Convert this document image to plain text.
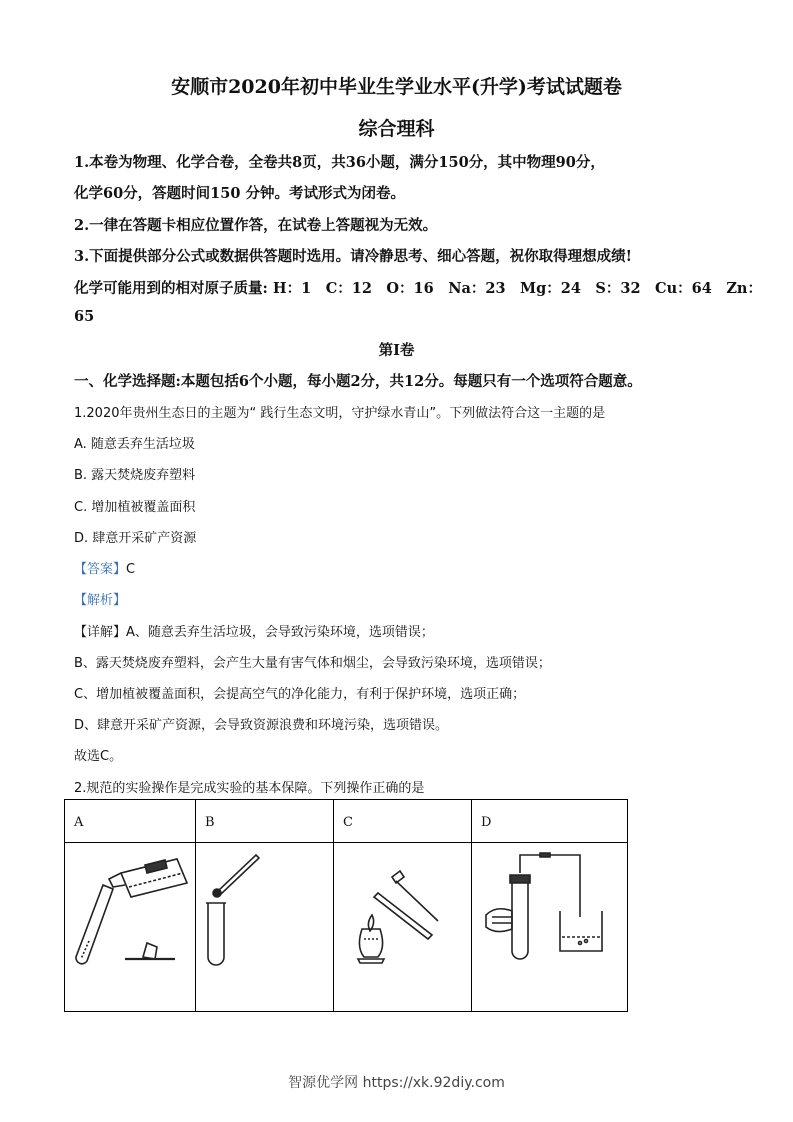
安顺市2020年初中毕业生学业水平(升学)考试试题卷
综合理科
1.本卷为物理、化学合卷，全卷共8页，共36小题，满分150分，其中物理90分，
化学60分，答题时间150 分钟。考试形式为闭卷。
2.一律在答题卡相应位置作答，在试卷上答题视为无效。
3.下面提供部分公式或数据供答题时选用。请冷静思考、细心答题，祝你取得理想成绩!
化学可能用到的相对原子质量: H：1　C：12　O：16　Na：23　Mg：24　S：32　Cu：64　Zn：
65
第I卷
一、化学选择题:本题包括6个小题，每小题2分，共12分。每题只有一个选项符合题意。
1.2020年贵州生态日的主题为“ 践行生态文明，守护绿水青山”。下列做法符合这一主题的是
A. 随意丢弃生活垃圾
B. 露天焚烧废弃塑料
C. 增加植被覆盖面积
D. 肆意开采矿产资源
【答案】C
【解析】
【详解】A、随意丢弃生活垃圾，会导致污染环境，选项错误；
B、露天焚烧废弃塑料，会产生大量有害气体和烟尘，会导致污染环境，选项错误；
C、增加植被覆盖面积，会提高空气的净化能力，有利于保护环境，选项正确；
D、肆意开采矿产资源，会导致资源浪费和环境污染，选项错误。
故选C。
2.规范的实验操作是完成实验的基本保障。下列操作正确的是
A	B	C	D

智源优学网 https://xk.92diy.com
